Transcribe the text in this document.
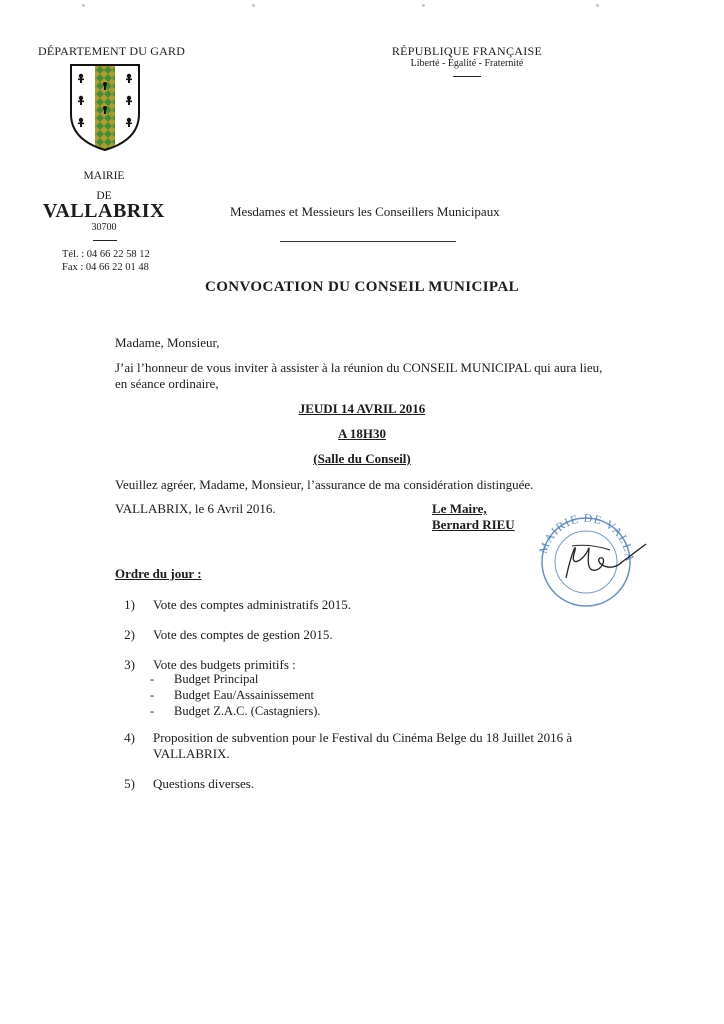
DÉPARTEMENT DU GARD	RÉPUBLIQUE FRANÇAISE
Liberté - Égalité - Fraternité
MAIRIE
DE
VALLABRIX
30700
Tél. : 04 66 22 58 12
Fax : 04 66 22 01 48
Mesdames et Messieurs les Conseillers Municipaux
CONVOCATION DU CONSEIL MUNICIPAL
Madame, Monsieur,
J’ai l’honneur de vous inviter à assister à la réunion du CONSEIL MUNICIPAL qui aura lieu,
en séance ordinaire,
JEUDI 14 AVRIL 2016
A 18H30
(Salle du Conseil)
Veuillez agréer, Madame, Monsieur, l’assurance de ma considération distinguée.
VALLABRIX, le 6 Avril 2016.	Le Maire,
Bernard RIEU
MAIRIE DE VALLA
Ordre du jour :
1) Vote des comptes administratifs 2015.
2) Vote des comptes de gestion 2015.
3) Vote des budgets primitifs :
- Budget Principal
- Budget Eau/Assainissement
- Budget Z.A.C. (Castagniers).
4) Proposition de subvention pour le Festival du Cinéma Belge du 18 Juillet 2016 à
VALLABRIX.
5) Questions diverses.
